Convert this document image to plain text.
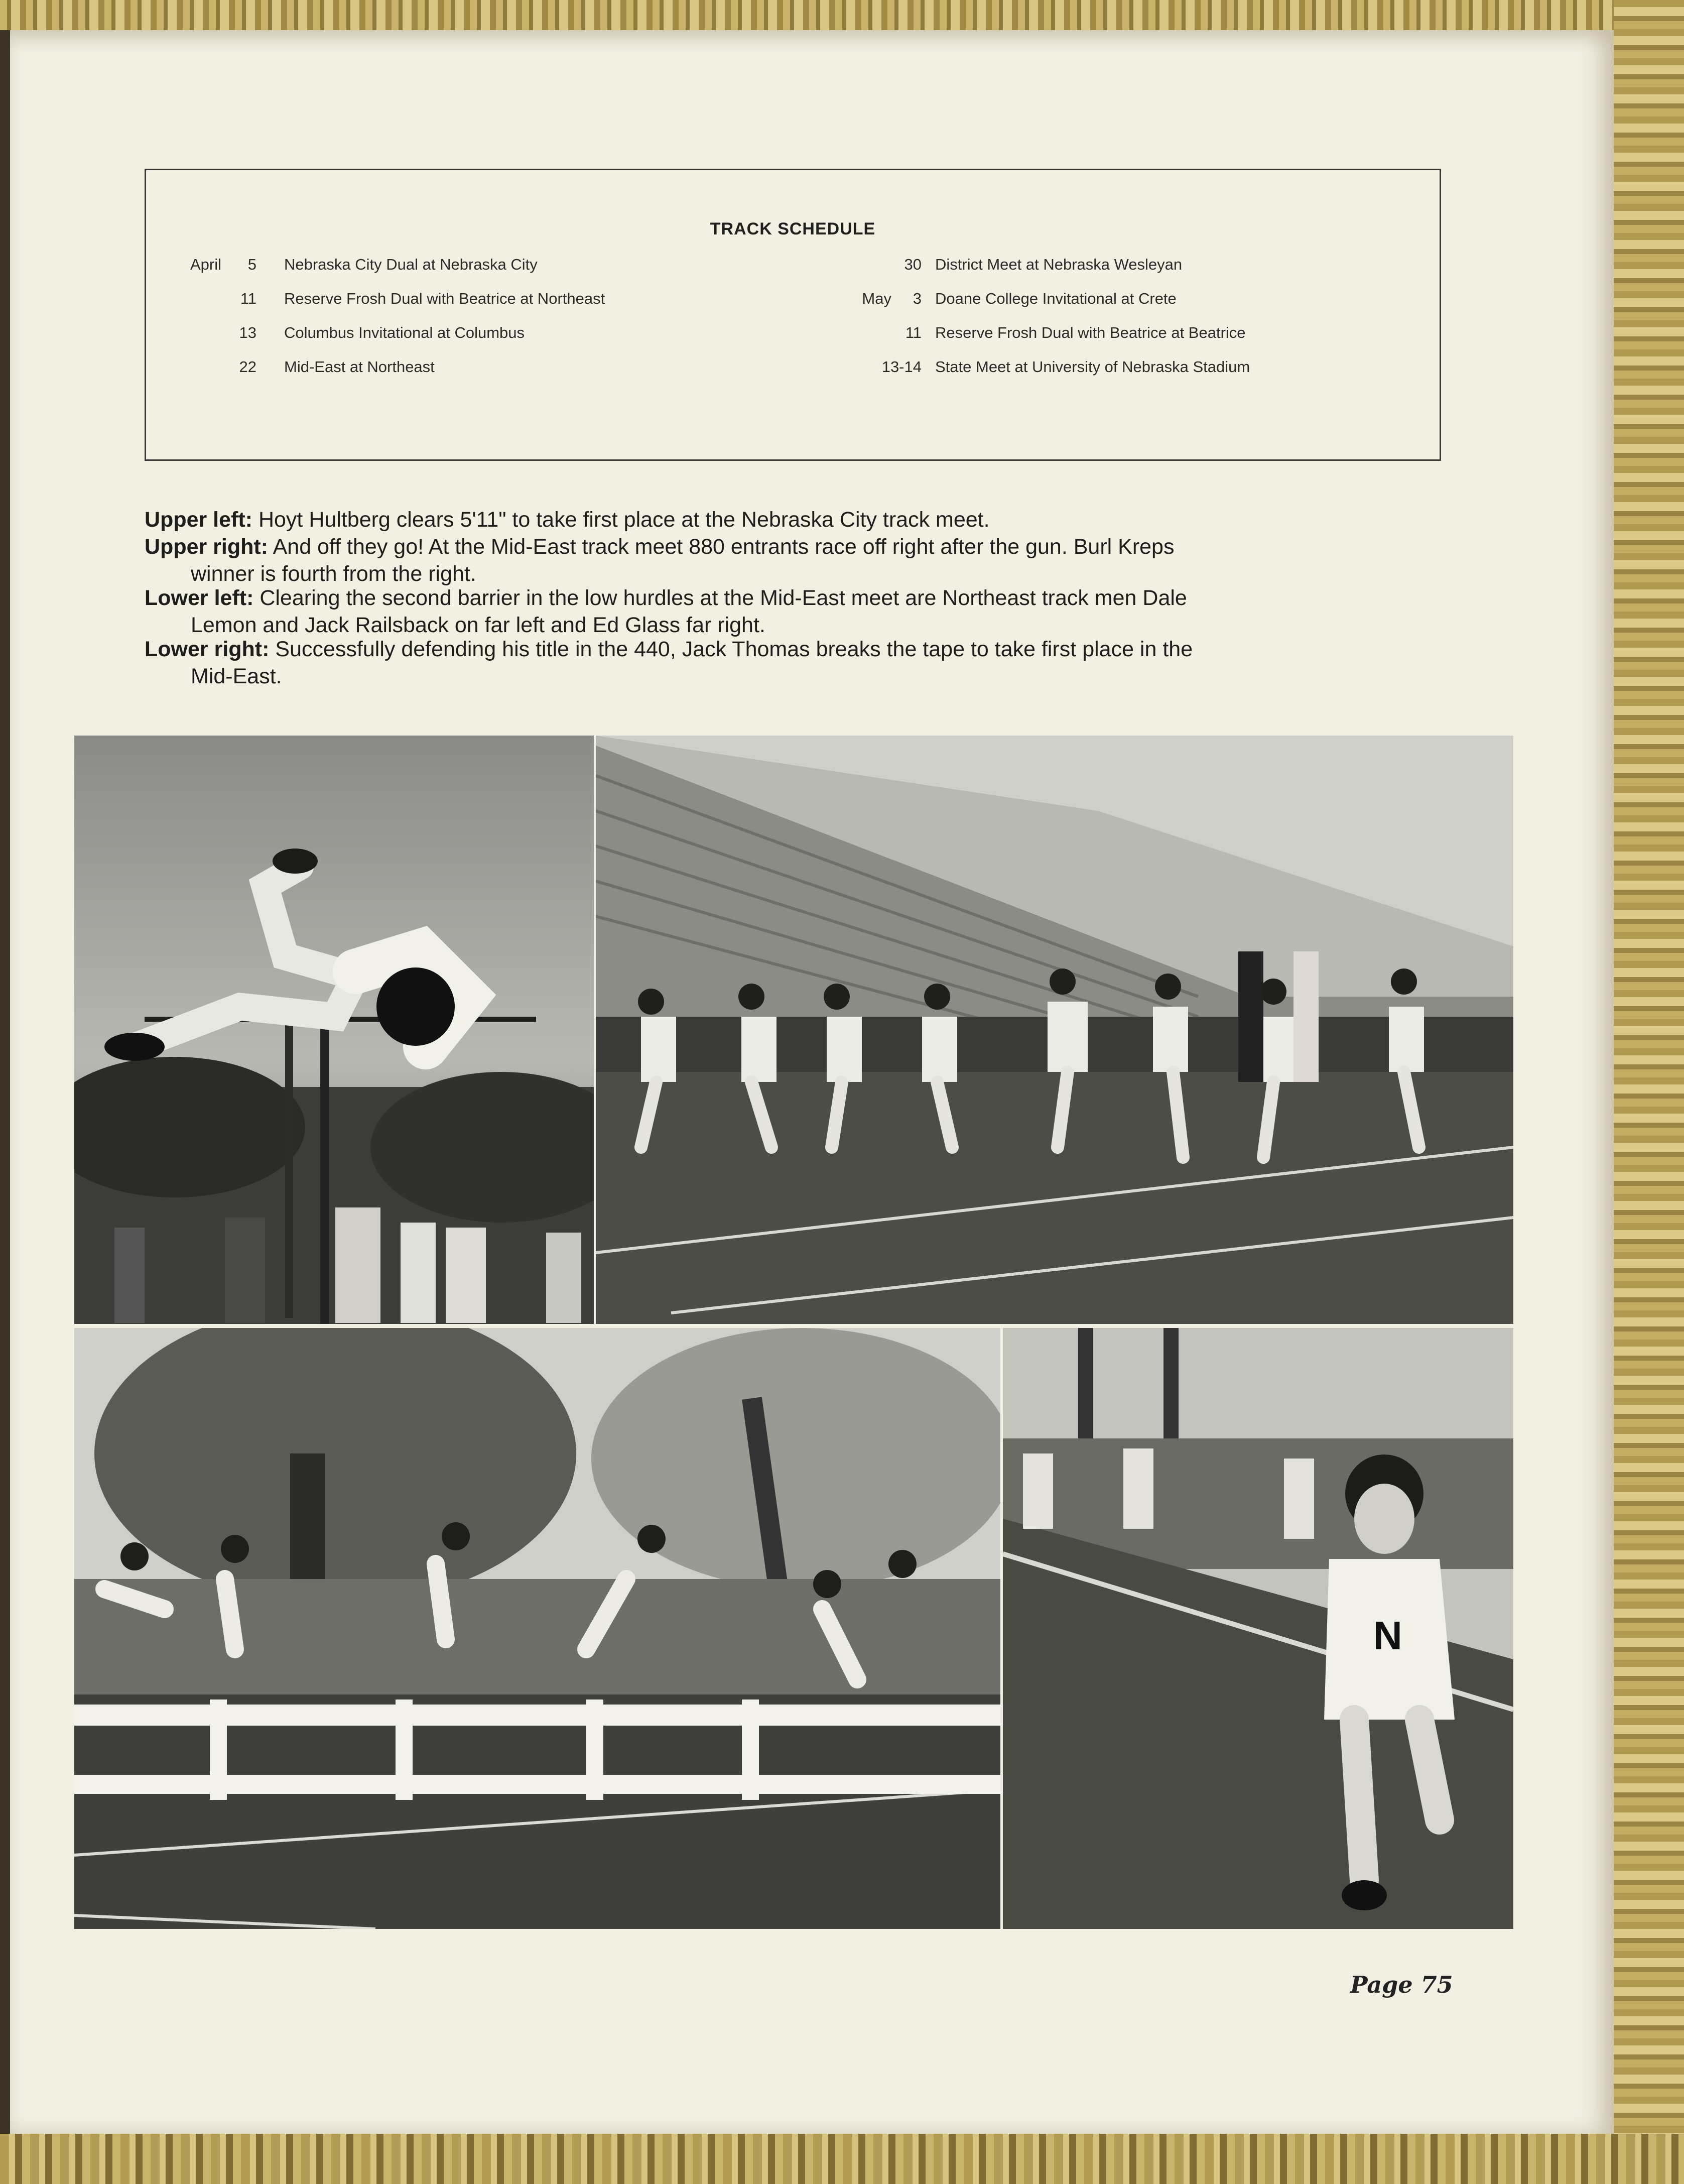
TRACK SCHEDULE
April	5 Nebraska City Dual at Nebraska City
11 Reserve Frosh Dual with Beatrice at Northeast
13 Columbus Invitational at Columbus
22 Mid-East at Northeast
30 District Meet at Nebraska Wesleyan
May	3 Doane College Invitational at Crete
11 Reserve Frosh Dual with Beatrice at Beatrice
13-14 State Meet at University of Nebraska Stadium
Upper left: Hoyt Hultberg clears 5'11" to take first place at the Nebraska City track meet.
Upper right: And off they go! At the Mid-East track meet 880 entrants race off right after the gun. Burl Kreps
winner is fourth from the right.
Lower left: Clearing the second barrier in the low hurdles at the Mid-East meet are Northeast track men Dale
Lemon and Jack Railsback on far left and Ed Glass far right.
Lower right: Successfully defending his title in the 440, Jack Thomas breaks the tape to take first place in the
Mid-East.
N
Page 75
